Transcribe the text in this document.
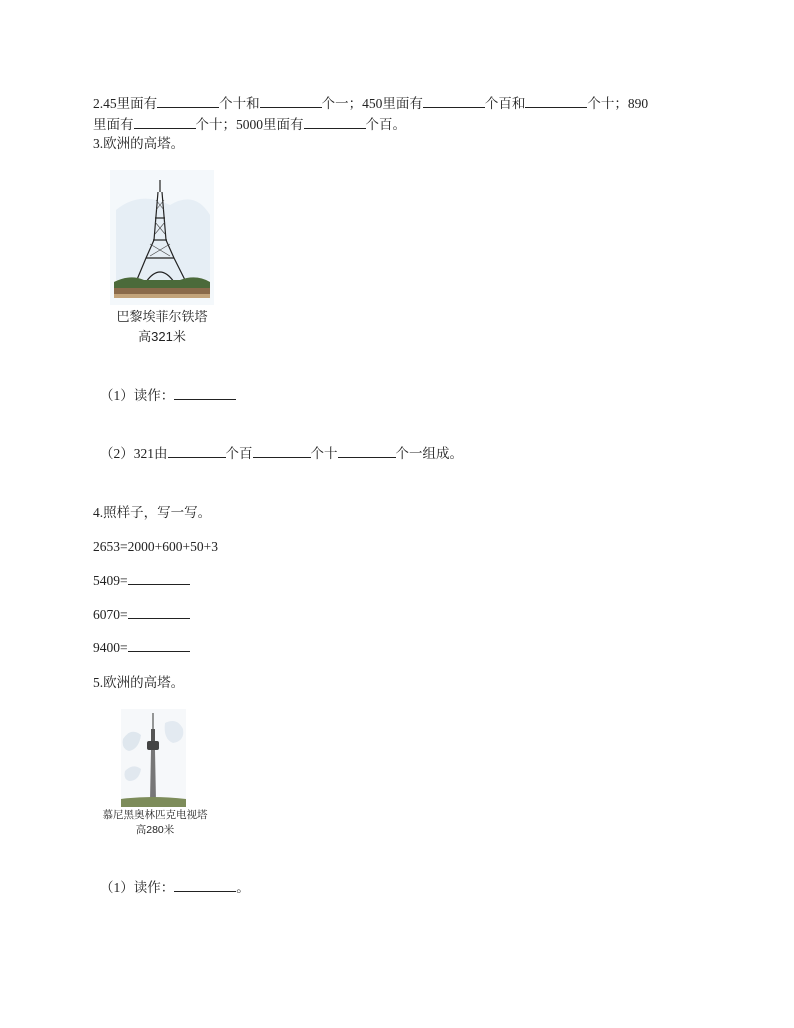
2.45里面有	个十和	个一；450里面有	个百和	个十；890
里面有	个十；5000里面有	个百。
3.欧洲的高塔。
巴黎埃菲尔铁塔
高321米
（1）读作：
（2）321由	个百	个十	个一组成。
4.照样子，写一写。
2653=2000+600+50+3
5409=
6070=
9400=
5.欧洲的高塔。
慕尼黑奥林匹克电视塔
高280米
（1）读作：	。
